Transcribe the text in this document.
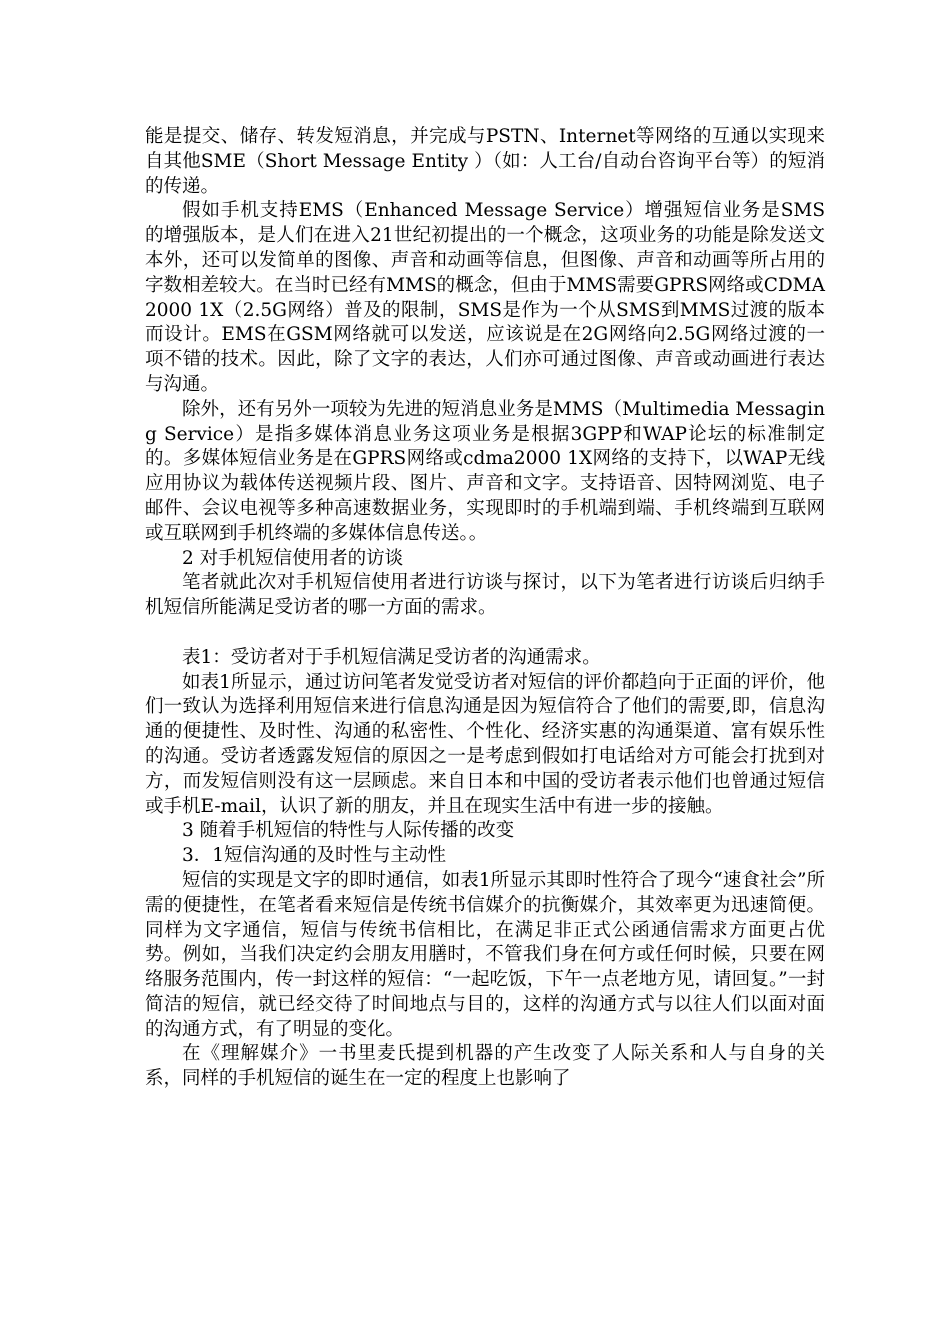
能是提交、储存、转发短消息，并完成与PSTN、Internet等网络的互通以实现来自其他SME（Short Message Entity ）（如：人工台/自动台咨询平台等）的短消的传递。

假如手机支持EMS（Enhanced Message Service）增强短信业务是SMS的增强版本，是人们在进入21世纪初提出的一个概念，这项业务的功能是除发送文本外，还可以发简单的图像、声音和动画等信息，但图像、声音和动画等所占用的字数相差较大。在当时已经有MMS的概念，但由于MMS需要GPRS网络或CDMA 2000 1X（2.5G网络）普及的限制，SMS是作为一个从SMS到MMS过渡的版本而设计。EMS在GSM网络就可以发送，应该说是在2G网络向2.5G网络过渡的一项不错的技术。因此，除了文字的表达，人们亦可通过图像、声音或动画进行表达与沟通。

除外，还有另外一项较为先进的短消息业务是MMS（Multimedia Messaging Service）是指多媒体消息业务这项业务是根据3GPP和WAP论坛的标准制定的。多媒体短信业务是在GPRS网络或cdma2000 1X网络的支持下，以WAP无线应用协议为载体传送视频片段、图片、声音和文字。支持语音、因特网浏览、电子邮件、会议电视等多种高速数据业务，实现即时的手机端到端、手机终端到互联网或互联网到手机终端的多媒体信息传送。。

2 对手机短信使用者的访谈

笔者就此次对手机短信使用者进行访谈与探讨，以下为笔者进行访谈后归纳手机短信所能满足受访者的哪一方面的需求。

表1：受访者对于手机短信满足受访者的沟通需求。

如表1所显示，通过访问笔者发觉受访者对短信的评价都趋向于正面的评价，他们一致认为选择利用短信来进行信息沟通是因为短信符合了他们的需要,即，信息沟通的便捷性、及时性、沟通的私密性、个性化、经济实惠的沟通渠道、富有娱乐性的沟通。受访者透露发短信的原因之一是考虑到假如打电话给对方可能会打扰到对方，而发短信则没有这一层顾虑。来自日本和中国的受访者表示他们也曾通过短信或手机E-mail，认识了新的朋友，并且在现实生活中有进一步的接触。

3 随着手机短信的特性与人际传播的改变

3．1短信沟通的及时性与主动性

短信的实现是文字的即时通信，如表1所显示其即时性符合了现今“速食社会”所需的便捷性，在笔者看来短信是传统书信媒介的抗衡媒介，其效率更为迅速简便。同样为文字通信，短信与传统书信相比，在满足非正式公函通信需求方面更占优势。例如，当我们决定约会朋友用膳时，不管我们身在何方或任何时候，只要在网络服务范围内，传一封这样的短信：“一起吃饭，下午一点老地方见，请回复。”一封简洁的短信，就已经交待了时间地点与目的，这样的沟通方式与以往人们以面对面的沟通方式，有了明显的变化。

在《理解媒介》一书里麦氏提到机器的产生改变了人际关系和人与自身的关系，同样的手机短信的诞生在一定的程度上也影响了
